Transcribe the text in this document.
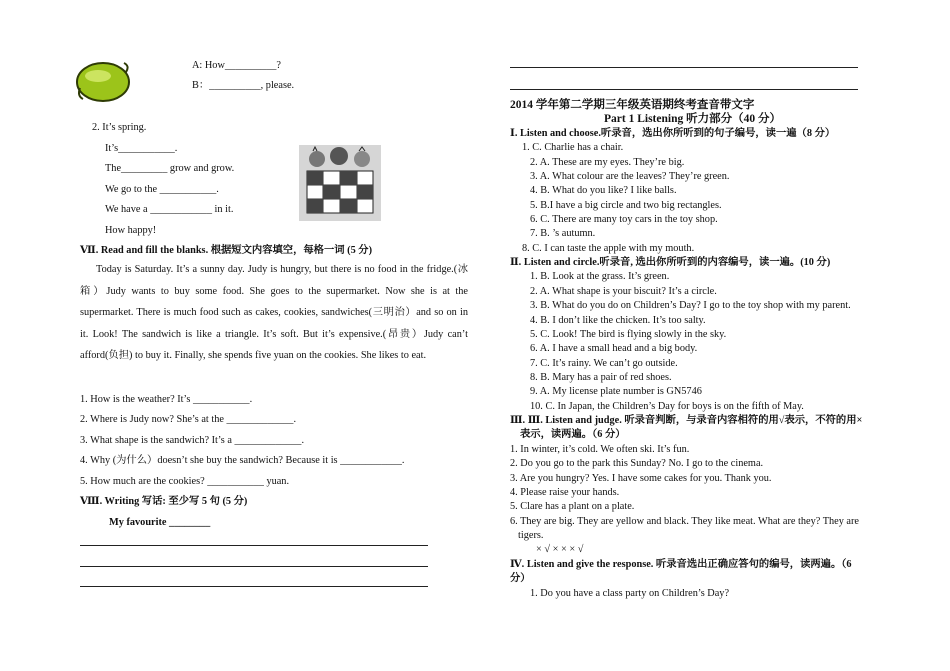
A: How__________?
B：__________, please.
2. It’s spring.
It’s___________.
The_________ grow and grow.
We go to the ___________.
We have a ____________ in it.
How happy!
Ⅶ. Read and fill the blanks. 根据短文内容填空，每格一词 (5 分)
Today is Saturday. It’s a sunny day. Judy is hungry, but there is no food in the fridge.(冰箱）Judy wants to buy some food. She goes to the supermarket. Now she is at the supermarket. There is much food such as cakes, cookies, sandwiches(三明治）and so on in it. Look! The sandwich is like a triangle. It’s soft. But it’s expensive.(昂贵）Judy can’t afford(负担) to buy it. Finally, she spends five yuan on the cookies. She likes to eat.
1. How is the weather? It’s ___________.
2. Where is Judy now? She’s at the _____________.
3. What shape is the sandwich? It’s a _____________.
4. Why (为什么）doesn’t she buy the sandwich? Because it is ____________.
5. How much are the cookies? ___________ yuan.
Ⅷ. Writing 写话: 至少写 5 句 (5 分)
My favourite ________
2014 学年第二学期三年级英语期终考查音带文字
Part 1 Listening 听力部分（40 分）
Ⅰ. Listen and choose.听录音，选出你所听到的句子编号，读一遍（8 分）
1. C. Charlie has a chair.
2. A. These are my eyes. They’re big.
3. A. What colour are the leaves? They’re green.
4. B. What do you like? I like balls.
5. B.I have a big circle and two big rectangles.
6. C. There are many toy cars in the toy shop.
7. B. ’s autumn.
8. C. I can taste the apple with my mouth.
Ⅱ. Listen and circle.听录音, 选出你所听到的内容编号，读一遍。(10 分)
1. B. Look at the grass. It’s green.
2. A. What shape is your biscuit? It’s a circle.
3. B. What do you do on Children’s Day? I go to the toy shop with my parent.
4. B. I don’t like the chicken. It’s too salty.
5. C. Look! The bird is flying slowly in the sky.
6. A. I have a small head and a big body.
7. C. It’s rainy. We can’t go outside.
8. B. Mary has a pair of red shoes.
9. A. My license plate number is GN5746
10. C. In Japan, the Children’s Day for boys is on the fifth of May.
Ⅲ. Ⅲ. Listen and judge. 听录音判断，与录音内容相符的用√表示，不符的用×
表示，读两遍。（6 分）
1. In winter, it’s cold. We often ski. It’s fun.
2. Do you go to the park this Sunday? No. I go to the cinema.
3. Are you hungry? Yes. I have some cakes for you. Thank you.
4. Please raise your hands.
5. Clare has a plant on a plate.
6. They are big. They are yellow and black. They like meat. What are they? They are
tigers.
× √ × × × √
Ⅳ. Listen and give the response. 听录音选出正确应答句的编号，读两遍。（6
分）
1. Do you have a class party on Children’s Day?
